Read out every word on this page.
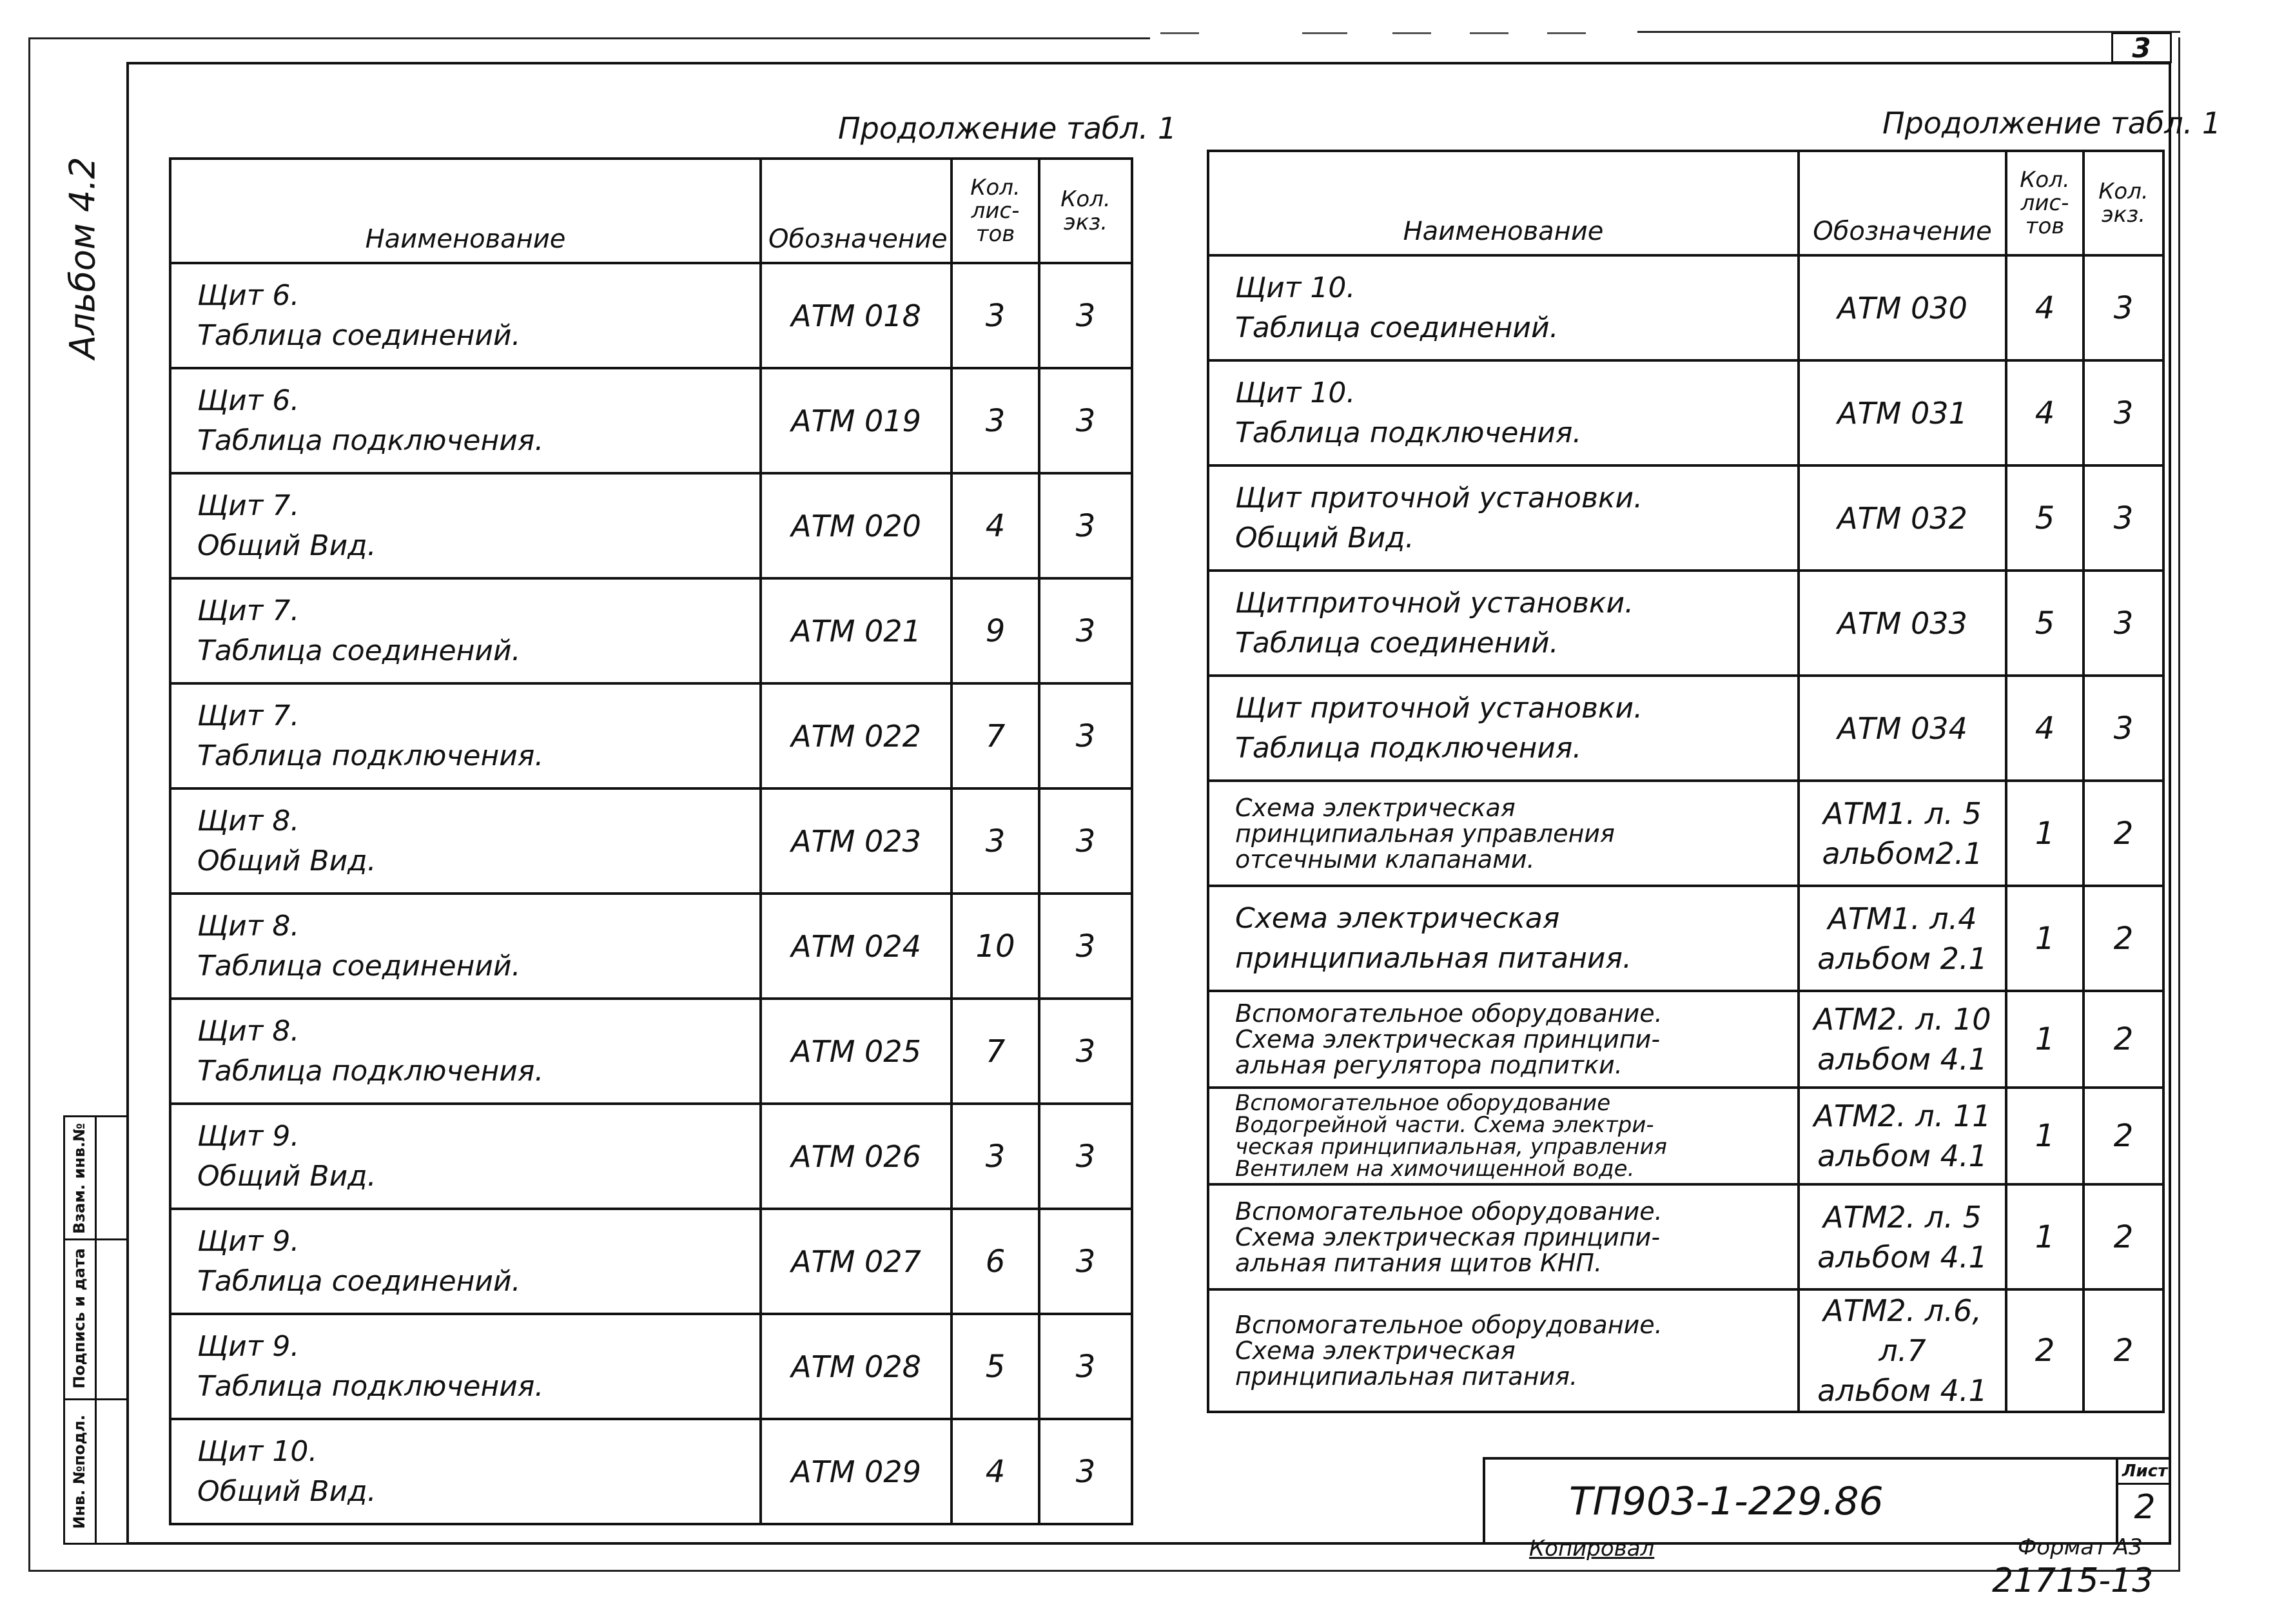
3
Альбом 4.2
Взам. инв.№
Подпись и дата
Инв. №подл.
Продолжение табл. 1
Наименование	Обозначение	Кол. лис- тов	Кол. экз.

Щит 6.
Таблица соединений.	АТМ 018	3	3

Щит 6.
Таблица подключения.	АТМ 019	3	3

Щит 7.
Общий Вид.	АТМ 020	4	3

Щит 7.
Таблица соединений.	АТМ 021	9	3

Щит 7.
Таблица подключения.	АТМ 022	7	3

Щит 8.
Общий Вид.	АТМ 023	3	3

Щит 8.
Таблица соединений.	АТМ 024	10	3

Щит 8.
Таблица подключения.	АТМ 025	7	3

Щит 9.
Общий Вид.	АТМ 026	3	3

Щит 9.
Таблица соединений.	АТМ 027	6	3

Щит 9.
Таблица подключения.	АТМ 028	5	3

Щит 10.
Общий Вид.	АТМ 029	4	3
Продолжение табл. 1
Наименование	Обозначение	Кол. лис- тов	Кол. экз.

Щит 10.
Таблица соединений.	АТМ 030	4	3

Щит 10.
Таблица подключения.	АТМ 031	4	3

Щит приточной установки.
Общий Вид.	АТМ 032	5	3

Щитприточной установки.
Таблица соединений.	АТМ 033	5	3

Щит приточной установки.
Таблица подключения.	АТМ 034	4	3

Схема электрическая
принципиальная управления
отсечными клапанами.	АТМ1. л. 5
альбом2.1	1	2

Схема электрическая
принципиальная питания.	АТМ1. л.4
альбом 2.1	1	2

Вспомогательное оборудование.
Схема электрическая принципи-
альная регулятора подпитки.	АТМ2. л. 10
альбом 4.1	1	2

Вспомогательное оборудование
Водогрейной части. Схема электри-
ческая принципиальная, управления
Вентилем на химочищенной воде.	АТМ2. л. 11
альбом 4.1	1	2

Вспомогательное оборудование.
Схема электрическая принципи-
альная питания щитов КНП.	АТМ2. л. 5
альбом 4.1	1	2

Вспомогательное оборудование.
Схема электрическая
принципиальная питания.	АТМ2. л.6, л.7
альбом 4.1	2	2
ТП903-1-229.86
Лист
2
Копировал	Формат А3
21715-13
